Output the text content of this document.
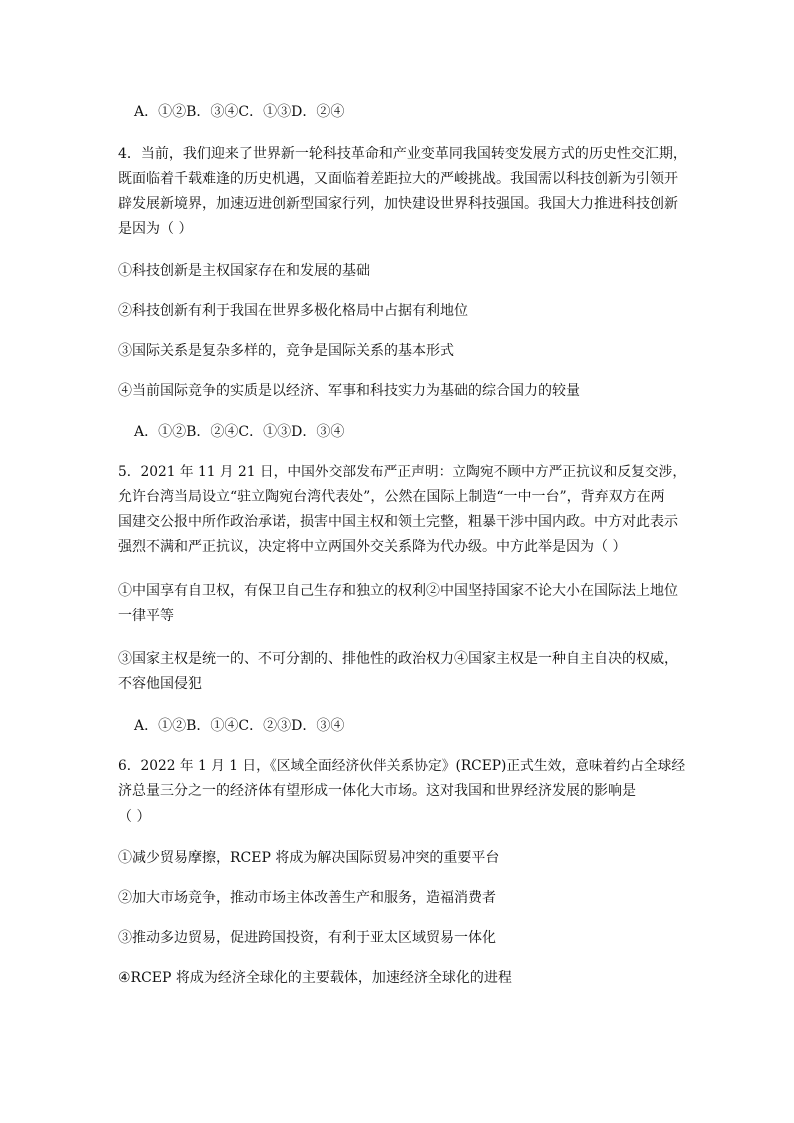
A．①②B．③④C．①③D．②④
4．当前，我们迎来了世界新一轮科技革命和产业变革同我国转变发展方式的历史性交汇期，
既面临着千载难逢的历史机遇，又面临着差距拉大的严峻挑战。我国需以科技创新为引领开
辟发展新境界，加速迈进创新型国家行列，加快建设世界科技强国。我国大力推进科技创新
是因为（ ）
①科技创新是主权国家存在和发展的基础
②科技创新有利于我国在世界多极化格局中占据有利地位
③国际关系是复杂多样的，竞争是国际关系的基本形式
④当前国际竞争的实质是以经济、军事和科技实力为基础的综合国力的较量
A．①②B．②④C．①③D．③④
5．2021 年 11 月 21 日，中国外交部发布严正声明：立陶宛不顾中方严正抗议和反复交涉，
允许台湾当局设立“驻立陶宛台湾代表处”，公然在国际上制造“一中一台”，背弃双方在两
国建交公报中所作政治承诺，损害中国主权和领土完整，粗暴干涉中国内政。中方对此表示
强烈不满和严正抗议，决定将中立两国外交关系降为代办级。中方此举是因为（ ）
①中国享有自卫权，有保卫自己生存和独立的权利②中国坚持国家不论大小在国际法上地位
一律平等
③国家主权是统一的、不可分割的、排他性的政治权力④国家主权是一种自主自决的权威，
不容他国侵犯
A．①②B．①④C．②③D．③④
6．2022 年 1 月 1 日，《区域全面经济伙伴关系协定》(RCEP)正式生效，意味着约占全球经
济总量三分之一的经济体有望形成一体化大市场。这对我国和世界经济发展的影响是
（ ）
①减少贸易摩擦，RCEP 将成为解决国际贸易冲突的重要平台
②加大市场竞争，推动市场主体改善生产和服务，造福消费者
③推动多边贸易，促进跨国投资，有利于亚太区域贸易一体化
④RCEP 将成为经济全球化的主要载体，加速经济全球化的进程
